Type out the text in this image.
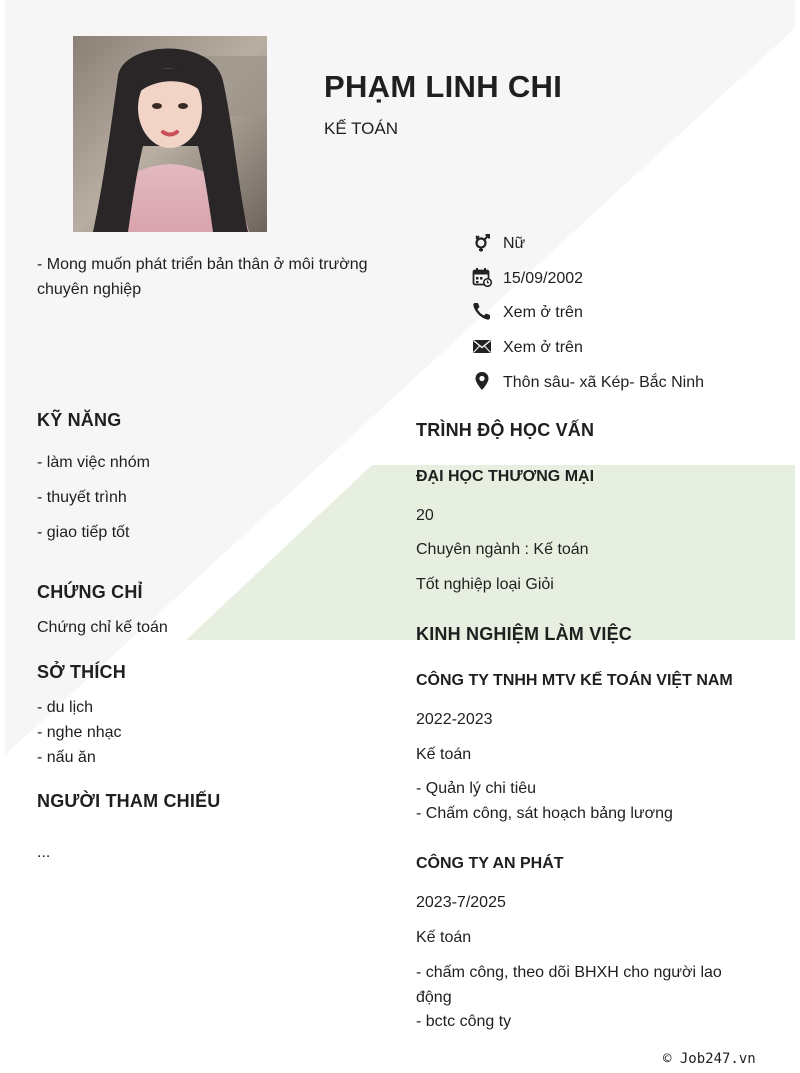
PHẠM LINH CHI
KẾ TOÁN
- Mong muốn phát triển bản thân ở môi trường chuyên nghiệp
Nữ
15/09/2002
Xem ở trên
Xem ở trên
Thôn sâu- xã Kép- Bắc Ninh
KỸ NĂNG
- làm việc nhóm
- thuyết trình
- giao tiếp tốt
CHỨNG CHỈ
Chứng chỉ kế toán
SỞ THÍCH
- du lịch
- nghe nhạc
- nấu ăn
NGƯỜI THAM CHIẾU
...
TRÌNH ĐỘ HỌC VẤN
ĐẠI HỌC THƯƠNG MẠI
20
Chuyên ngành : Kế toán
Tốt nghiệp loại Giỏi
KINH NGHIỆM LÀM VIỆC
CÔNG TY TNHH MTV KẾ TOÁN VIỆT NAM
2022-2023
Kế toán
- Quản lý chi tiêu
- Chấm công, sát hoạch bảng lương
CÔNG TY AN PHÁT
2023-7/2025
Kế toán
- chấm công, theo dõi BHXH cho người lao động
- bctc công ty
© Job247.vn
